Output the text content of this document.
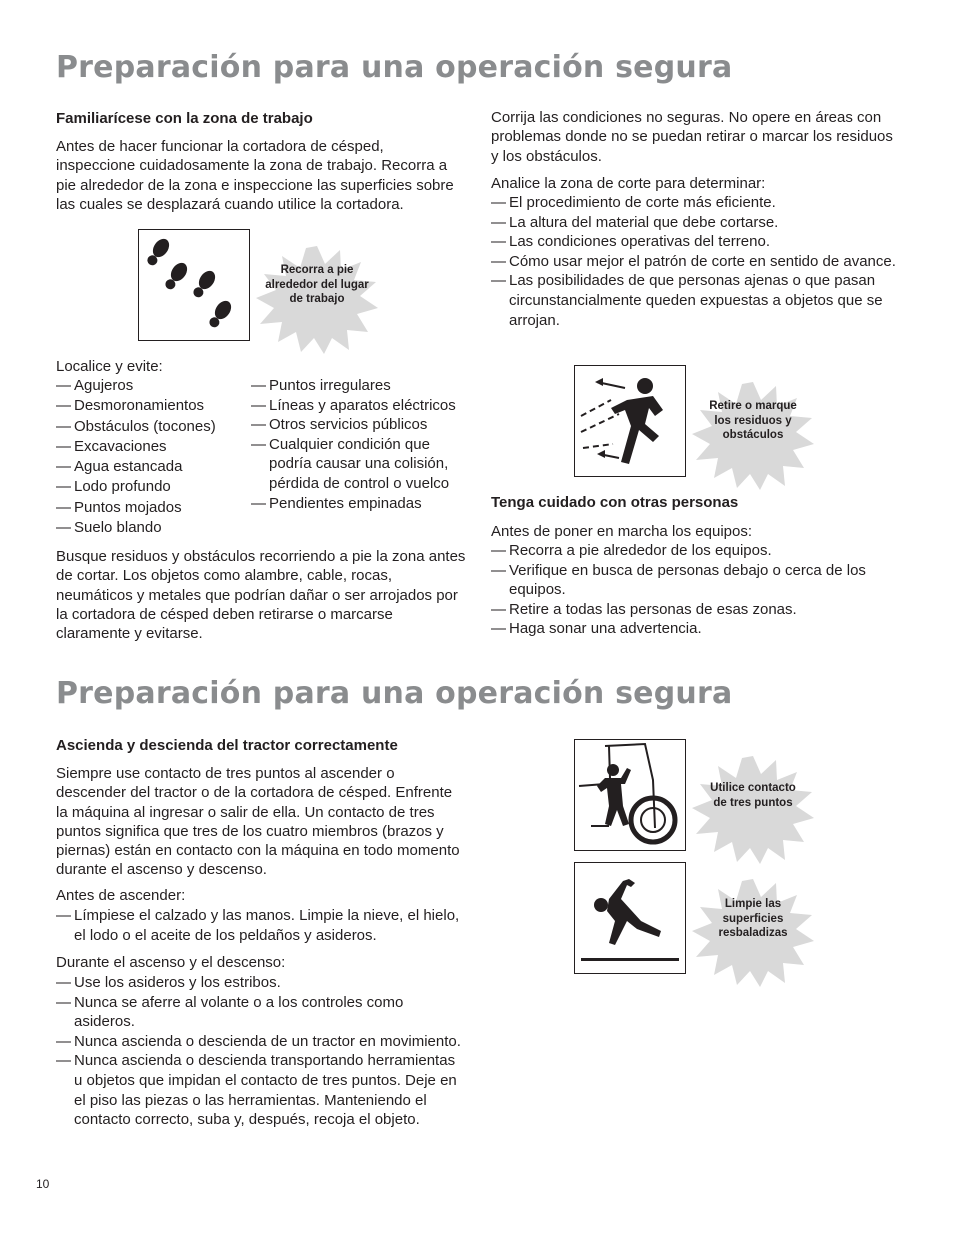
Preparación para una operación segura
Familiarícese con la zona de trabajo

Antes de hacer funcionar la cortadora de césped, inspeccione cuidadosamente la zona de trabajo. Recorra a pie alrededor de la zona e inspeccione las superficies sobre las cuales se desplazará cuando utilice la cortadora.

Recorra a pie
alrededor del lugar
de trabajo

Localice y evite:

— Agujeros
— Desmoronamientos
— Obstáculos (tocones)
— Excavaciones
— Agua estancada
— Lodo profundo
— Puntos mojados
— Suelo blando
— Puntos irregulares
— Líneas y aparatos eléctricos
— Otros servicios públicos
— Cualquier condición que podría causar una colisión, pérdida de control o vuelco
— Pendientes empinadas

Busque residuos y obstáculos recorriendo a pie la zona antes de cortar. Los objetos como alambre, cable, rocas, neumáticos y metales que podrían dañar o ser arrojados por la cortadora de césped deben retirarse o marcarse claramente y evitarse.

Corrija las condiciones no seguras. No opere en áreas con problemas donde no se puedan retirar o marcar los residuos y los obstáculos.

Analice la zona de corte para determinar:

— El procedimiento de corte más eficiente.
— La altura del material que debe cortarse.
— Las condiciones operativas del terreno.
— Cómo usar mejor el patrón de corte en sentido de avance.
— Las posibilidades de que personas ajenas o que pasan circunstancialmente queden expuestas a objetos que se arrojan.
Retire o marque
los residuos y
obstáculos
Tenga cuidado con otras personas

Antes de poner en marcha los equipos:

— Recorra a pie alrededor de los equipos.
— Verifique en busca de personas debajo o cerca de los equipos.
— Retire a todas las personas de esas zonas.
— Haga sonar una advertencia.
Preparación para una operación segura
Ascienda y descienda del tractor correctamente

Siempre use contacto de tres puntos al ascender o descender del tractor o de la cortadora de césped. Enfrente la máquina al ingresar o salir de ella. Un contacto de tres puntos significa que tres de los cuatro miembros (brazos y piernas) están en contacto con la máquina en todo momento durante el ascenso y descenso.

Antes de ascender:

— Límpiese el calzado y las manos. Limpie la nieve, el hielo, el lodo o el aceite de los peldaños y asideros.

Durante el ascenso y el descenso:

— Use los asideros y los estribos.
— Nunca se aferre al volante o a los controles como asideros.
— Nunca ascienda o descienda de un tractor en movimiento.
— Nunca ascienda o descienda transportando herramientas u objetos que impidan el contacto de tres puntos. Deje en el piso las piezas o las herramientas. Manteniendo el contacto correcto, suba y, después, recoja el objeto.
Utilice contacto
de tres puntos
Limpie las
superficies
resbaladizas
10
